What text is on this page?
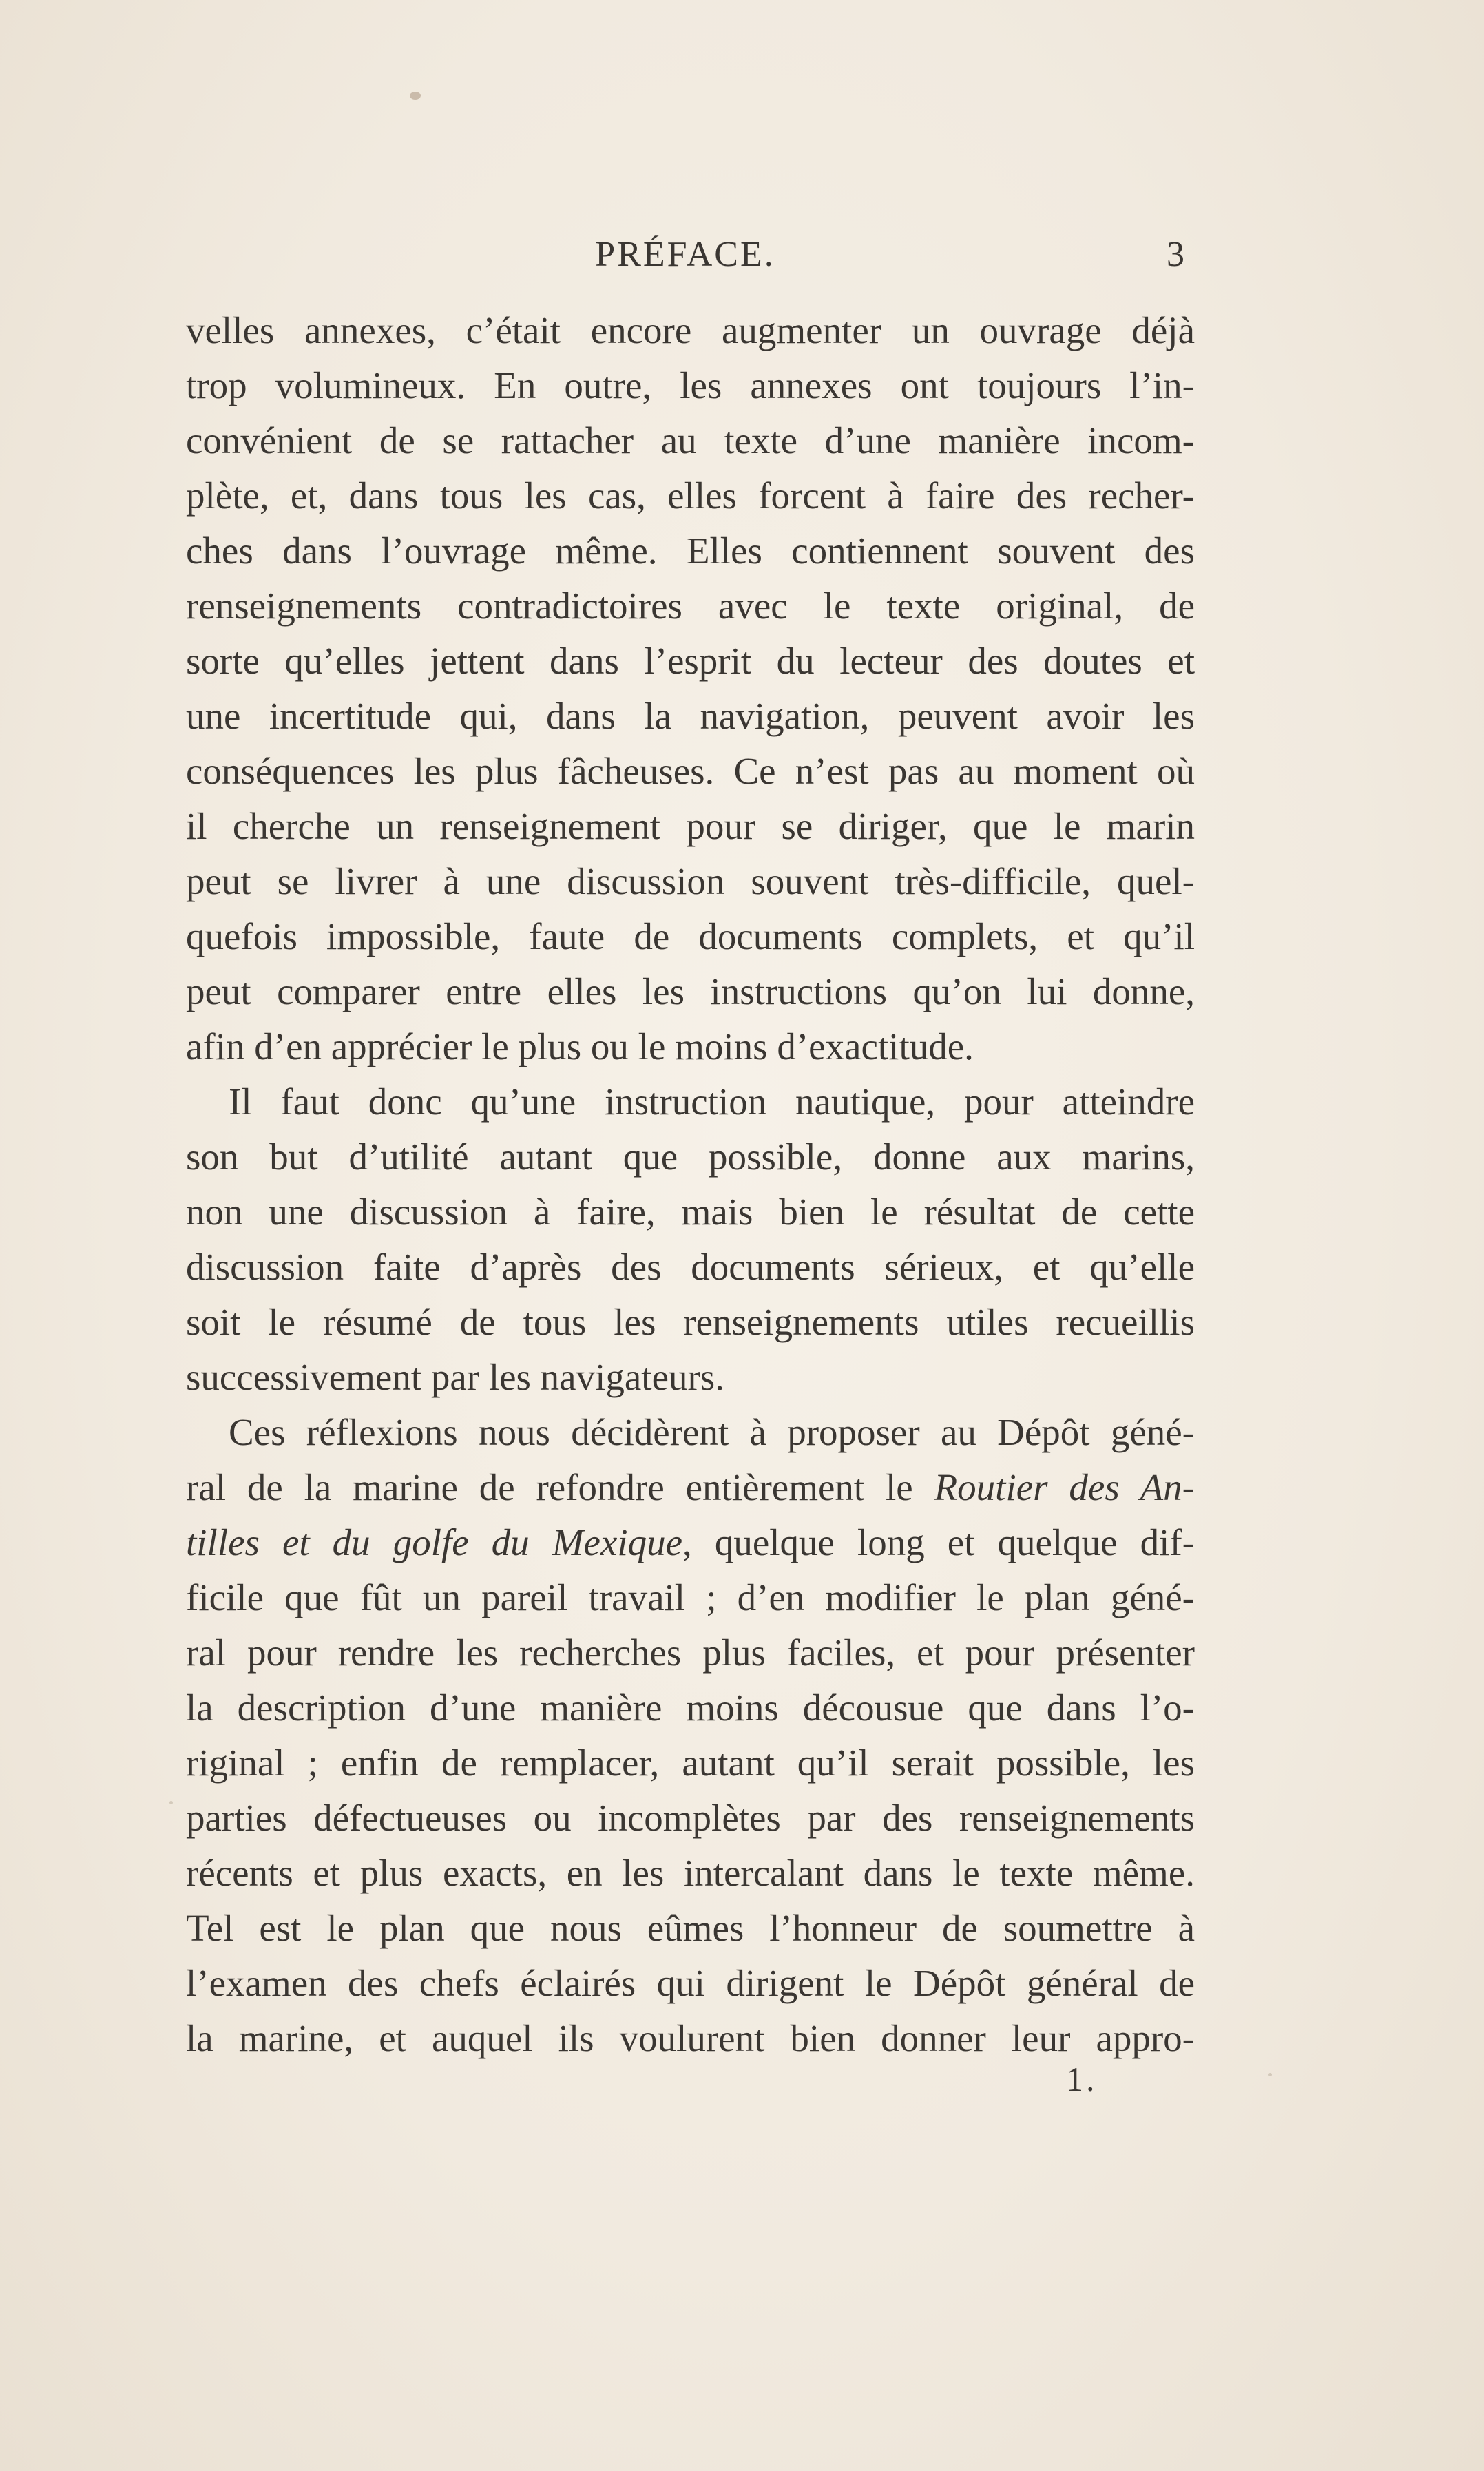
PRÉFACE.	3
velles annexes, c’était encore augmenter un ouvrage déjà
trop volumineux. En outre, les annexes ont toujours l’in-
convénient de se rattacher au texte d’une manière incom-
plète, et, dans tous les cas, elles forcent à faire des recher-
ches dans l’ouvrage même. Elles contiennent souvent des
renseignements contradictoires avec le texte original, de
sorte qu’elles jettent dans l’esprit du lecteur des doutes et
une incertitude qui, dans la navigation, peuvent avoir les
conséquences les plus fâcheuses. Ce n’est pas au moment où
il cherche un renseignement pour se diriger, que le marin
peut se livrer à une discussion souvent très-difficile, quel-
quefois impossible, faute de documents complets, et qu’il
peut comparer entre elles les instructions qu’on lui donne,
afin d’en apprécier le plus ou le moins d’exactitude.
Il faut donc qu’une instruction nautique, pour atteindre
son but d’utilité autant que possible, donne aux marins,
non une discussion à faire, mais bien le résultat de cette
discussion faite d’après des documents sérieux, et qu’elle
soit le résumé de tous les renseignements utiles recueillis
successivement par les navigateurs.
Ces réflexions nous décidèrent à proposer au Dépôt géné-
ral de la marine de refondre entièrement le Routier des An-
tilles et du golfe du Mexique, quelque long et quelque dif-
ficile que fût un pareil travail ; d’en modifier le plan géné-
ral pour rendre les recherches plus faciles, et pour présenter
la description d’une manière moins décousue que dans l’o-
riginal ; enfin de remplacer, autant qu’il serait possible, les
parties défectueuses ou incomplètes par des renseignements
récents et plus exacts, en les intercalant dans le texte même.
Tel est le plan que nous eûmes l’honneur de soumettre à
l’examen des chefs éclairés qui dirigent le Dépôt général de
la marine, et auquel ils voulurent bien donner leur appro-
1.
